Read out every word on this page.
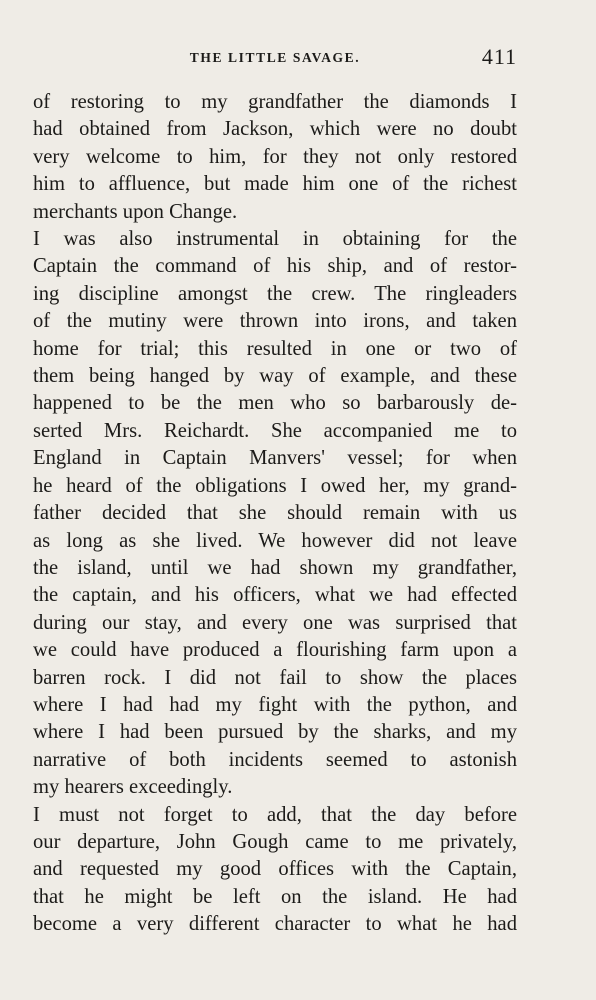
THE LITTLE SAVAGE.	411
of restoring to my grandfather the diamonds I
had obtained from Jackson, which were no doubt
very welcome to him, for they not only restored
him to affluence, but made him one of the richest
merchants upon Change.
I was also instrumental in obtaining for the
Captain the command of his ship, and of restor-
ing discipline amongst the crew. The ringleaders
of the mutiny were thrown into irons, and taken
home for trial; this resulted in one or two of
them being hanged by way of example, and these
happened to be the men who so barbarously de-
serted Mrs. Reichardt. She accompanied me to
England in Captain Manvers' vessel; for when
he heard of the obligations I owed her, my grand-
father decided that she should remain with us
as long as she lived. We however did not leave
the island, until we had shown my grandfather,
the captain, and his officers, what we had effected
during our stay, and every one was surprised that
we could have produced a flourishing farm upon a
barren rock. I did not fail to show the places
where I had had my fight with the python, and
where I had been pursued by the sharks, and my
narrative of both incidents seemed to astonish
my hearers exceedingly.
I must not forget to add, that the day before
our departure, John Gough came to me privately,
and requested my good offices with the Captain,
that he might be left on the island. He had
become a very different character to what he had
